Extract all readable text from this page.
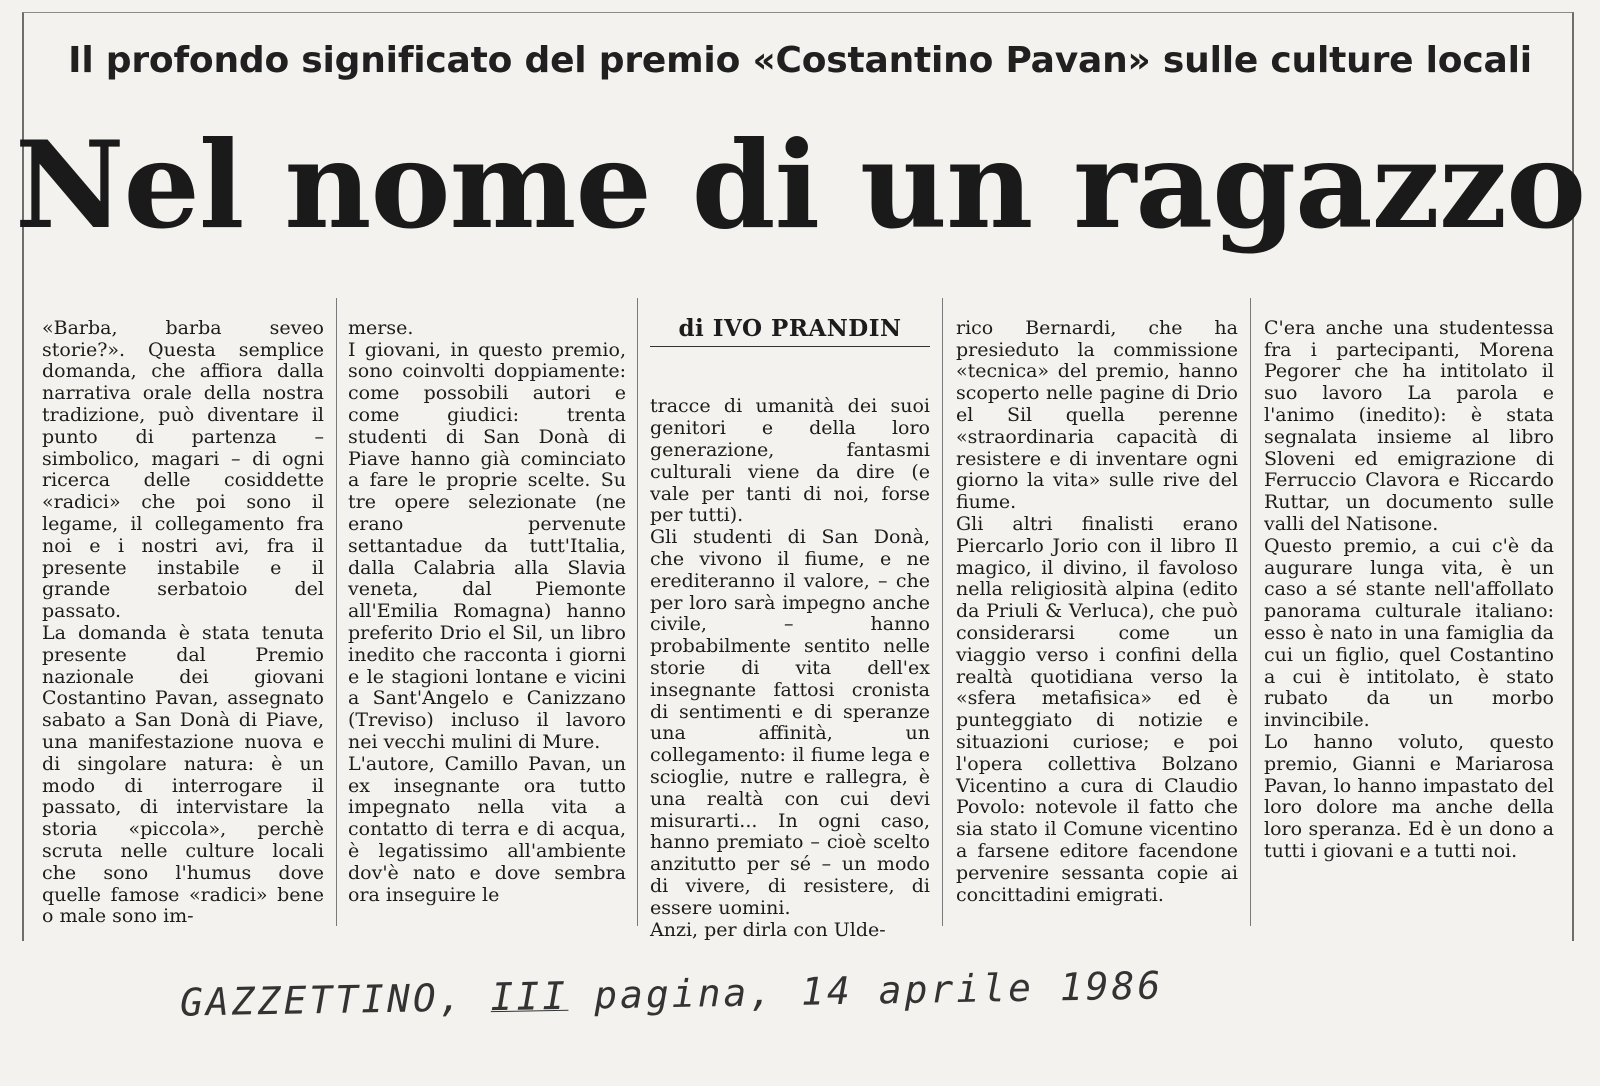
Il profondo significato del premio «Costantino Pavan» sulle culture locali
Nel nome di un ragazzo

«Barba, barba seveo storie?». Questa semplice domanda, che affiora dalla narrativa orale della nostra tradizione, può diventare il punto di partenza – simbolico, magari – di ogni ricerca delle cosiddette «radici» che poi sono il legame, il collegamento fra noi e i nostri avi, fra il presente instabile e il grande serbatoio del passato.
La domanda è stata tenuta presente dal Premio nazionale dei giovani Costantino Pavan, assegnato sabato a San Donà di Piave, una manifestazione nuova e di singolare natura: è un modo di interrogare il passato, di intervistare la storia «piccola», perchè scruta nelle culture locali che sono l'humus dove quelle famose «radici» bene o male sono im-

merse.
I giovani, in questo premio, sono coinvolti doppiamente: come possobili autori e come giudici: trenta studenti di San Donà di Piave hanno già cominciato a fare le proprie scelte. Su tre opere selezionate (ne erano pervenute settantadue da tutt'Italia, dalla Calabria alla Slavia veneta, dal Piemonte all'Emilia Romagna) hanno preferito Drio el Sil, un libro inedito che racconta i giorni e le stagioni lontane e vicini a Sant'Angelo e Canizzano (Treviso) incluso il lavoro nei vecchi mulini di Mure.
L'autore, Camillo Pavan, un ex insegnante ora tutto impegnato nella vita a contatto di terra e di acqua, è legatissimo all'ambiente dov'è nato e dove sembra ora inseguire le

di IVO PRANDIN

tracce di umanità dei suoi genitori e della loro generazione, fantasmi culturali viene da dire (e vale per tanti di noi, forse per tutti).
Gli studenti di San Donà, che vivono il fiume, e ne erediteranno il valore, – che per loro sarà impegno anche civile, – hanno probabilmente sentito nelle storie di vita dell'ex insegnante fattosi cronista di sentimenti e di speranze una affinità, un collegamento: il fiume lega e scioglie, nutre e rallegra, è una realtà con cui devi misurarti... In ogni caso, hanno premiato – cioè scelto anzitutto per sé – un modo di vivere, di resistere, di essere uomini.
Anzi, per dirla con Ulde-

rico Bernardi, che ha presieduto la commissione «tecnica» del premio, hanno scoperto nelle pagine di Drio el Sil quella perenne «straordinaria capacità di resistere e di inventare ogni giorno la vita» sulle rive del fiume.
Gli altri finalisti erano Piercarlo Jorio con il libro Il magico, il divino, il favoloso nella religiosità alpina (edito da Priuli & Verluca), che può considerarsi come un viaggio verso i confini della realtà quotidiana verso la «sfera metafisica» ed è punteggiato di notizie e situazioni curiose; e poi l'opera collettiva Bolzano Vicentino a cura di Claudio Povolo: notevole il fatto che sia stato il Comune vicentino a farsene editore facendone pervenire sessanta copie ai concittadini emigrati.

C'era anche una studentessa fra i partecipanti, Morena Pegorer che ha intitolato il suo lavoro La parola e l'animo (inedito): è stata segnalata insieme al libro Sloveni ed emigrazione di Ferruccio Clavora e Riccardo Ruttar, un documento sulle valli del Natisone.
Questo premio, a cui c'è da augurare lunga vita, è un caso a sé stante nell'affollato panorama culturale italiano: esso è nato in una famiglia da cui un figlio, quel Costantino a cui è intitolato, è stato rubato da un morbo invincibile.
Lo hanno voluto, questo premio, Gianni e Mariarosa Pavan, lo hanno impastato del loro dolore ma anche della loro speranza. Ed è un dono a tutti i giovani e a tutti noi.

GAZZETTINO, III pagina, 14 aprile 1986
